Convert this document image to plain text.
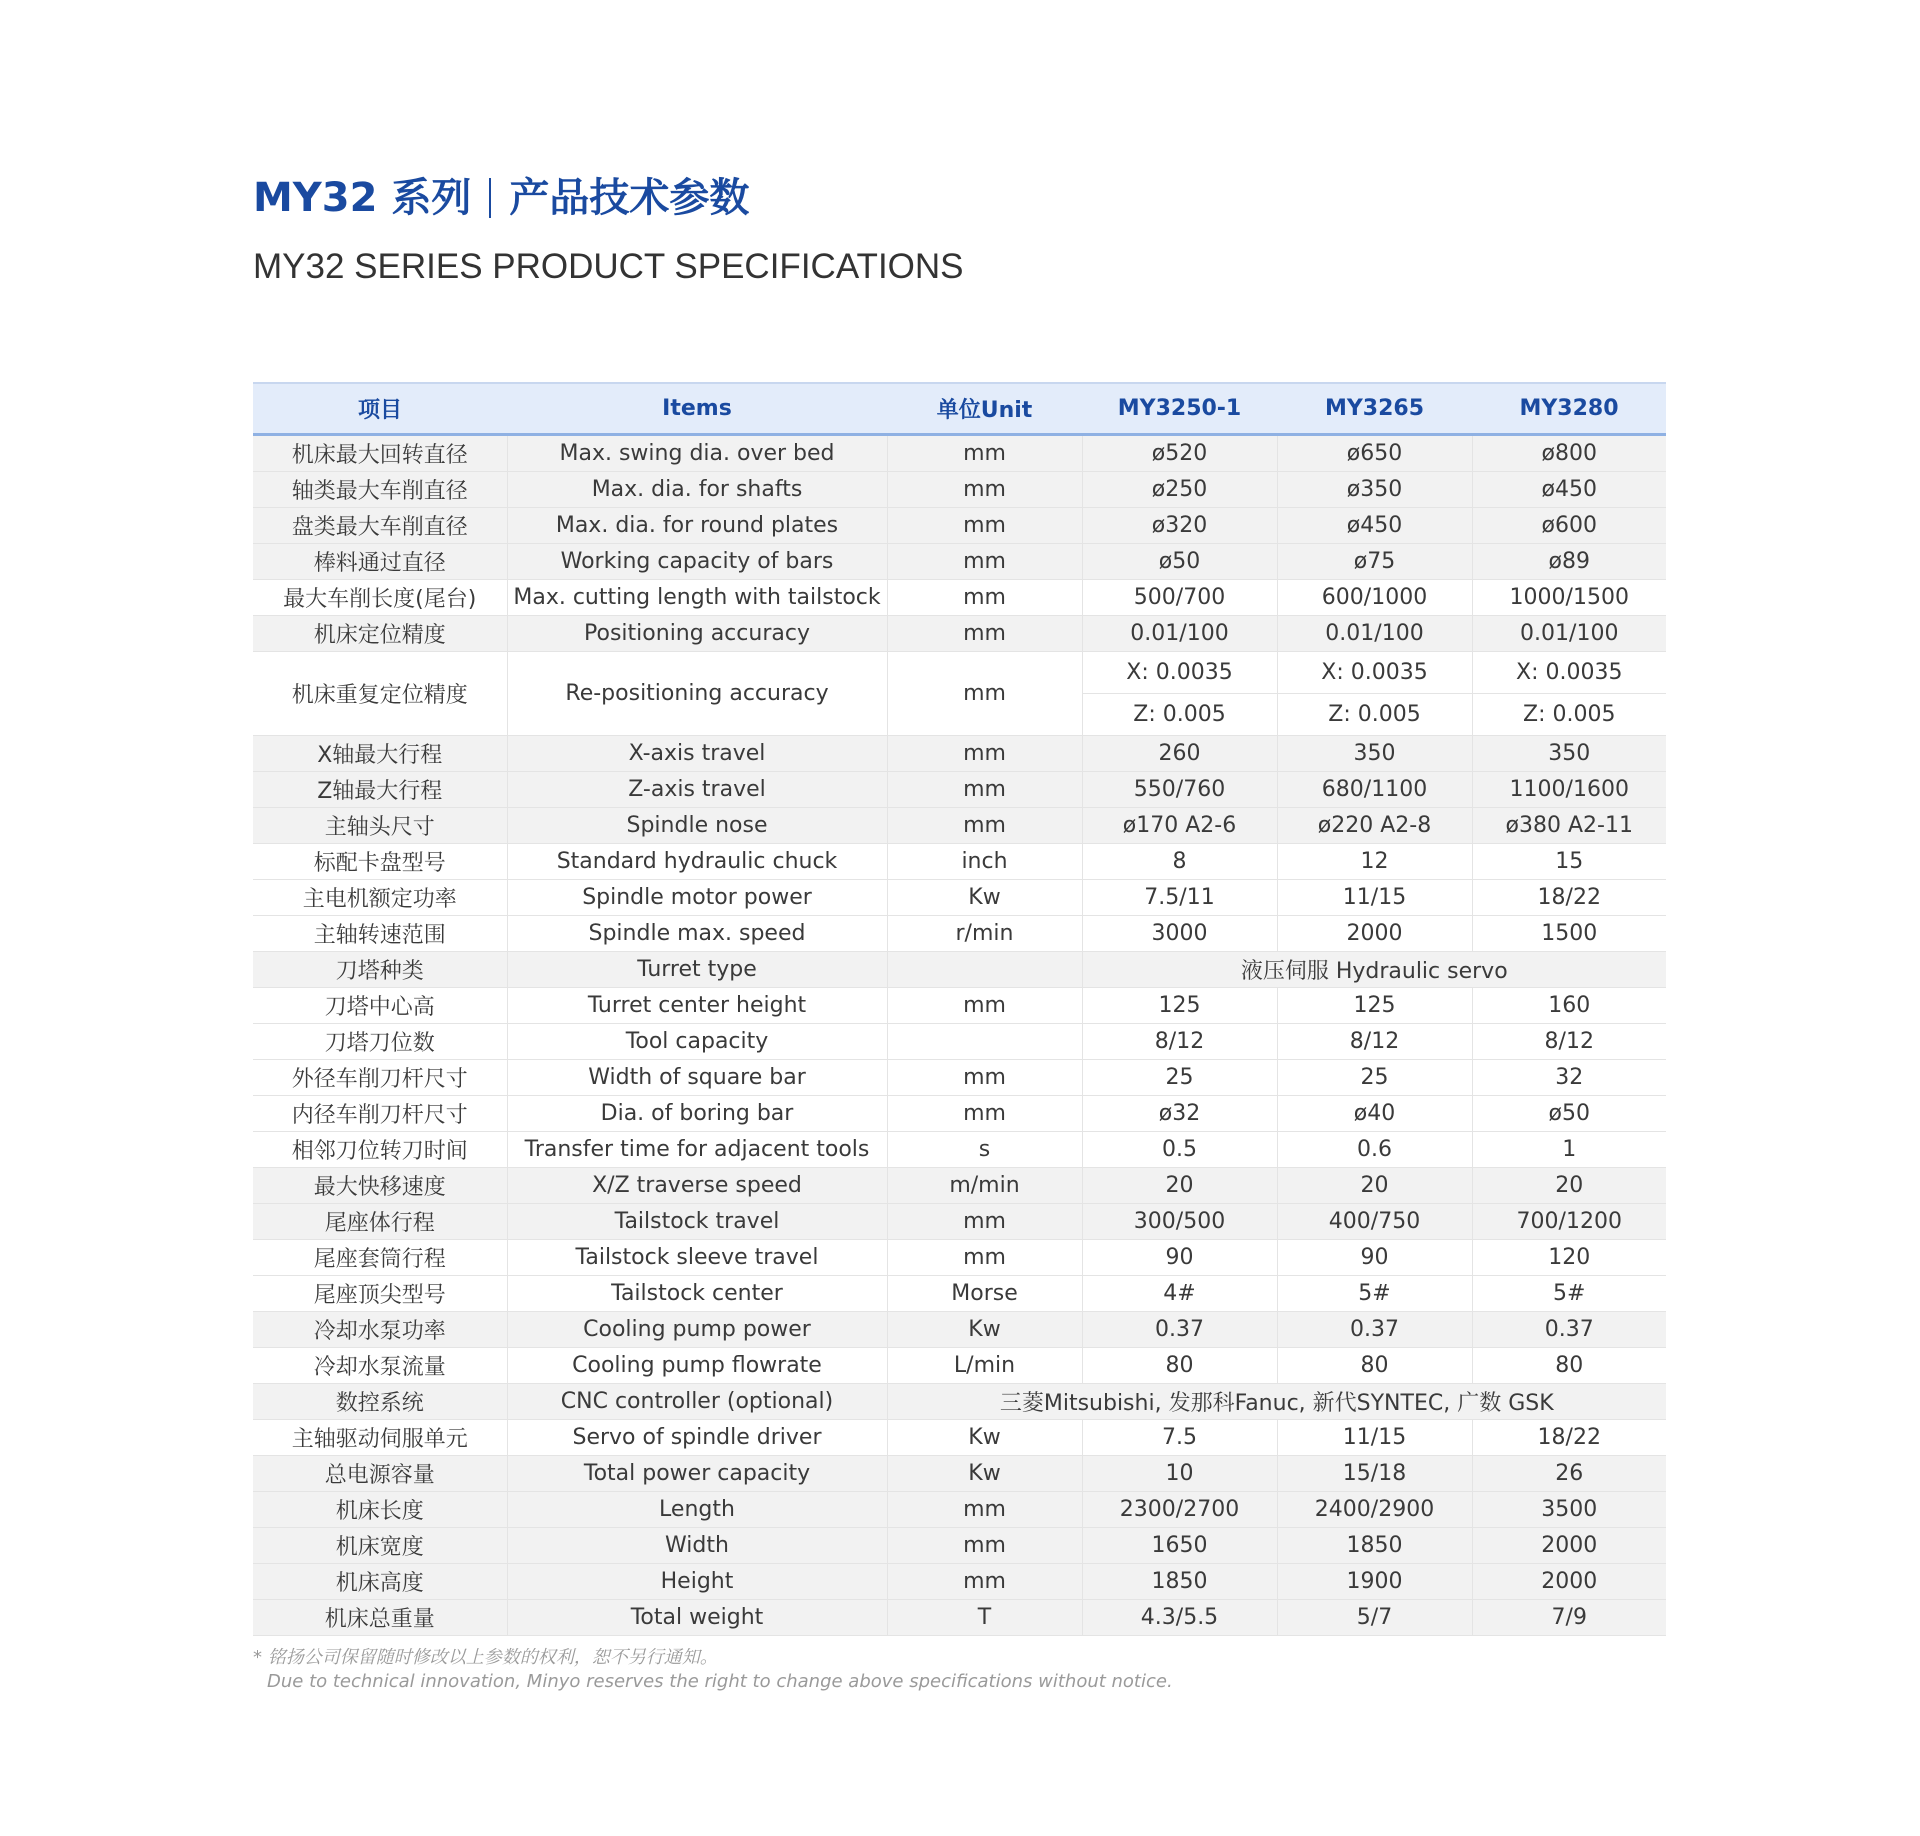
MY32 系列 产品技术参数
MY32 SERIES PRODUCT SPECIFICATIONS
项目	Items	单位Unit	MY3250-1	MY3265	MY3280
机床最大回转直径	Max. swing dia. over bed	mm	ø520	ø650	ø800
轴类最大车削直径	Max. dia. for shafts	mm	ø250	ø350	ø450
盘类最大车削直径	Max. dia. for round plates	mm	ø320	ø450	ø600
棒料通过直径	Working capacity of bars	mm	ø50	ø75	ø89
最大车削长度(尾台)	Max. cutting length with tailstock	mm	500/700	600/1000	1000/1500
机床定位精度	Positioning accuracy	mm	0.01/100	0.01/100	0.01/100
机床重复定位精度	Re-positioning accuracy	mm	X: 0.0035	X: 0.0035	X: 0.0035
			Z: 0.005	Z: 0.005	Z: 0.005
X轴最大行程	X-axis travel	mm	260	350	350
Z轴最大行程	Z-axis travel	mm	550/760	680/1100	1100/1600
主轴头尺寸	Spindle nose	mm	ø170 A2-6	ø220 A2-8	ø380 A2-11
标配卡盘型号	Standard hydraulic chuck	inch	8	12	15
主电机额定功率	Spindle motor power	Kw	7.5/11	11/15	18/22
主轴转速范围	Spindle max. speed	r/min	3000	2000	1500
刀塔种类	Turret type		液压伺服 Hydraulic servo		
刀塔中心高	Turret center height	mm	125	125	160
刀塔刀位数	Tool capacity		8/12	8/12	8/12
外径车削刀杆尺寸	Width of square bar	mm	25	25	32
内径车削刀杆尺寸	Dia. of boring bar	mm	ø32	ø40	ø50
相邻刀位转刀时间	Transfer time for adjacent tools	s	0.5	0.6	1
最大快移速度	X/Z traverse speed	m/min	20	20	20
尾座体行程	Tailstock travel	mm	300/500	400/750	700/1200
尾座套筒行程	Tailstock sleeve travel	mm	90	90	120
尾座顶尖型号	Tailstock center	Morse	4#	5#	5#
冷却水泵功率	Cooling pump power	Kw	0.37	0.37	0.37
冷却水泵流量	Cooling pump flowrate	L/min	80	80	80
数控系统	CNC controller (optional)	三菱Mitsubishi, 发那科Fanuc, 新代SYNTEC, 广数 GSK			
主轴驱动伺服单元	Servo of spindle driver	Kw	7.5	11/15	18/22
总电源容量	Total power capacity	Kw	10	15/18	26
机床长度	Length	mm	2300/2700	2400/2900	3500
机床宽度	Width	mm	1650	1850	2000
机床高度	Height	mm	1850	1900	2000
机床总重量	Total weight	T	4.3/5.5	5/7	7/9
* 铭扬公司保留随时修改以上参数的权利，恕不另行通知。
Due to technical innovation, Minyo reserves the right to change above specifications without notice.
